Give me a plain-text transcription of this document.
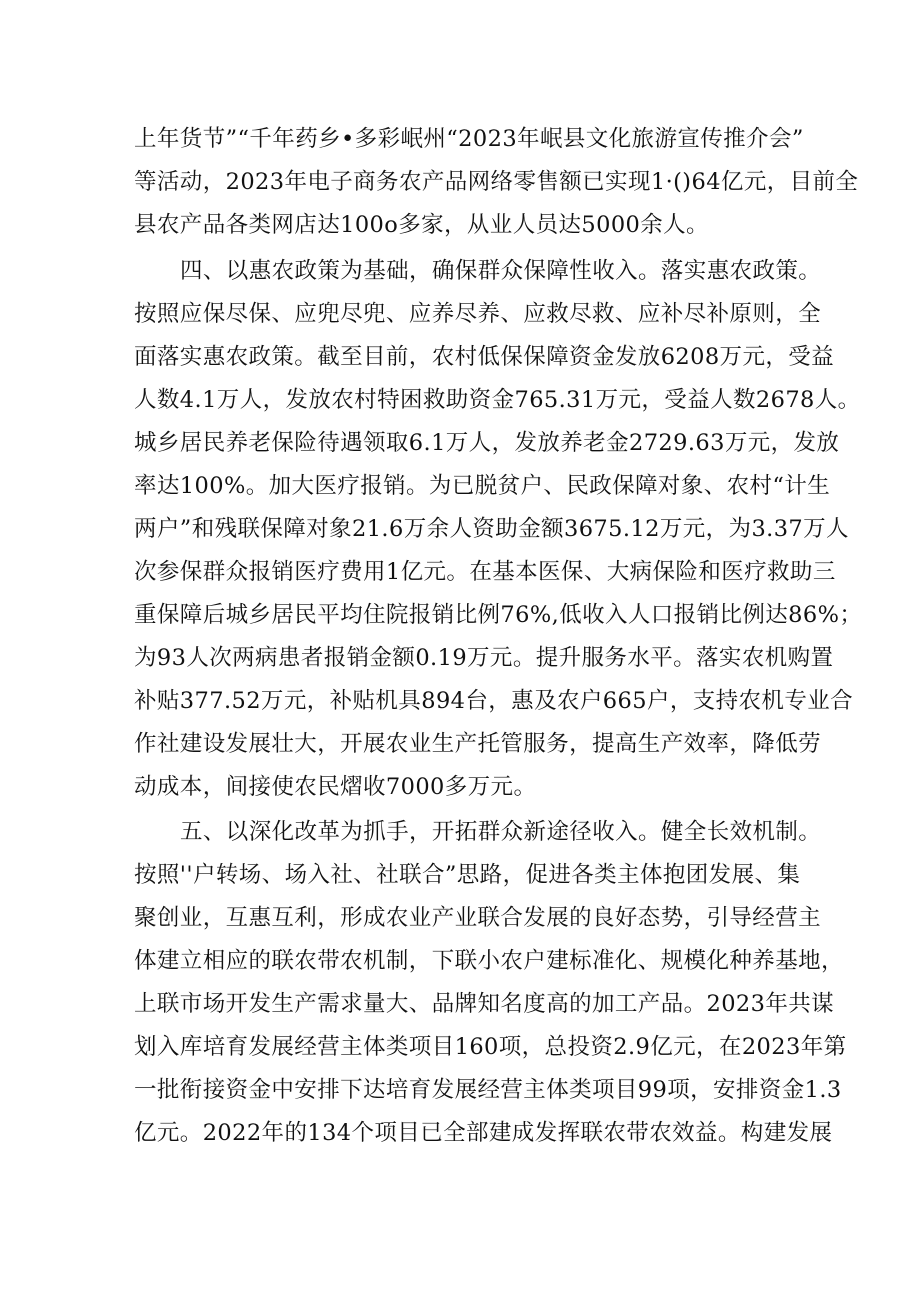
上年货节”“千年药乡•多彩岷州“2023年岷县文化旅游宣传推介会”
等活动，2023年电子商务农产品网络零售额已实现1·()64亿元，目前全
县农产品各类网店达100o多家，从业人员达5000余人。
四、以惠农政策为基础，确保群众保障性收入。落实惠农政策。
按照应保尽保、应兜尽兜、应养尽养、应救尽救、应补尽补原则，全
面落实惠农政策。截至目前，农村低保保障资金发放6208万元，受益
人数4.1万人，发放农村特困救助资金765.31万元，受益人数2678人。
城乡居民养老保险待遇领取6.1万人，发放养老金2729.63万元，发放
率达100%。加大医疗报销。为已脱贫户、民政保障对象、农村“计生
两户”和残联保障对象21.6万余人资助金额3675.12万元，为3.37万人
次参保群众报销医疗费用1亿元。在基本医保、大病保险和医疗救助三
重保障后城乡居民平均住院报销比例76%,低收入人口报销比例达86%；
为93人次两病患者报销金额0.19万元。提升服务水平。落实农机购置
补贴377.52万元，补贴机具894台，惠及农户665户，支持农机专业合
作社建设发展壮大，开展农业生产托管服务，提高生产效率，降低劳
动成本，间接使农民熠收7000多万元。
五、以深化改革为抓手，开拓群众新途径收入。健全长效机制。
按照''户转场、场入社、社联合”思路，促进各类主体抱团发展、集
聚创业，互惠互利，形成农业产业联合发展的良好态势，引导经营主
体建立相应的联农带农机制，下联小农户建标准化、规模化种养基地，
上联市场开发生产需求量大、品牌知名度高的加工产品。2023年共谋
划入库培育发展经营主体类项目160项，总投资2.9亿元，在2023年第
一批衔接资金中安排下达培育发展经营主体类项目99项，安排资金1.3
亿元。2022年的134个项目已全部建成发挥联农带农效益。构建发展
